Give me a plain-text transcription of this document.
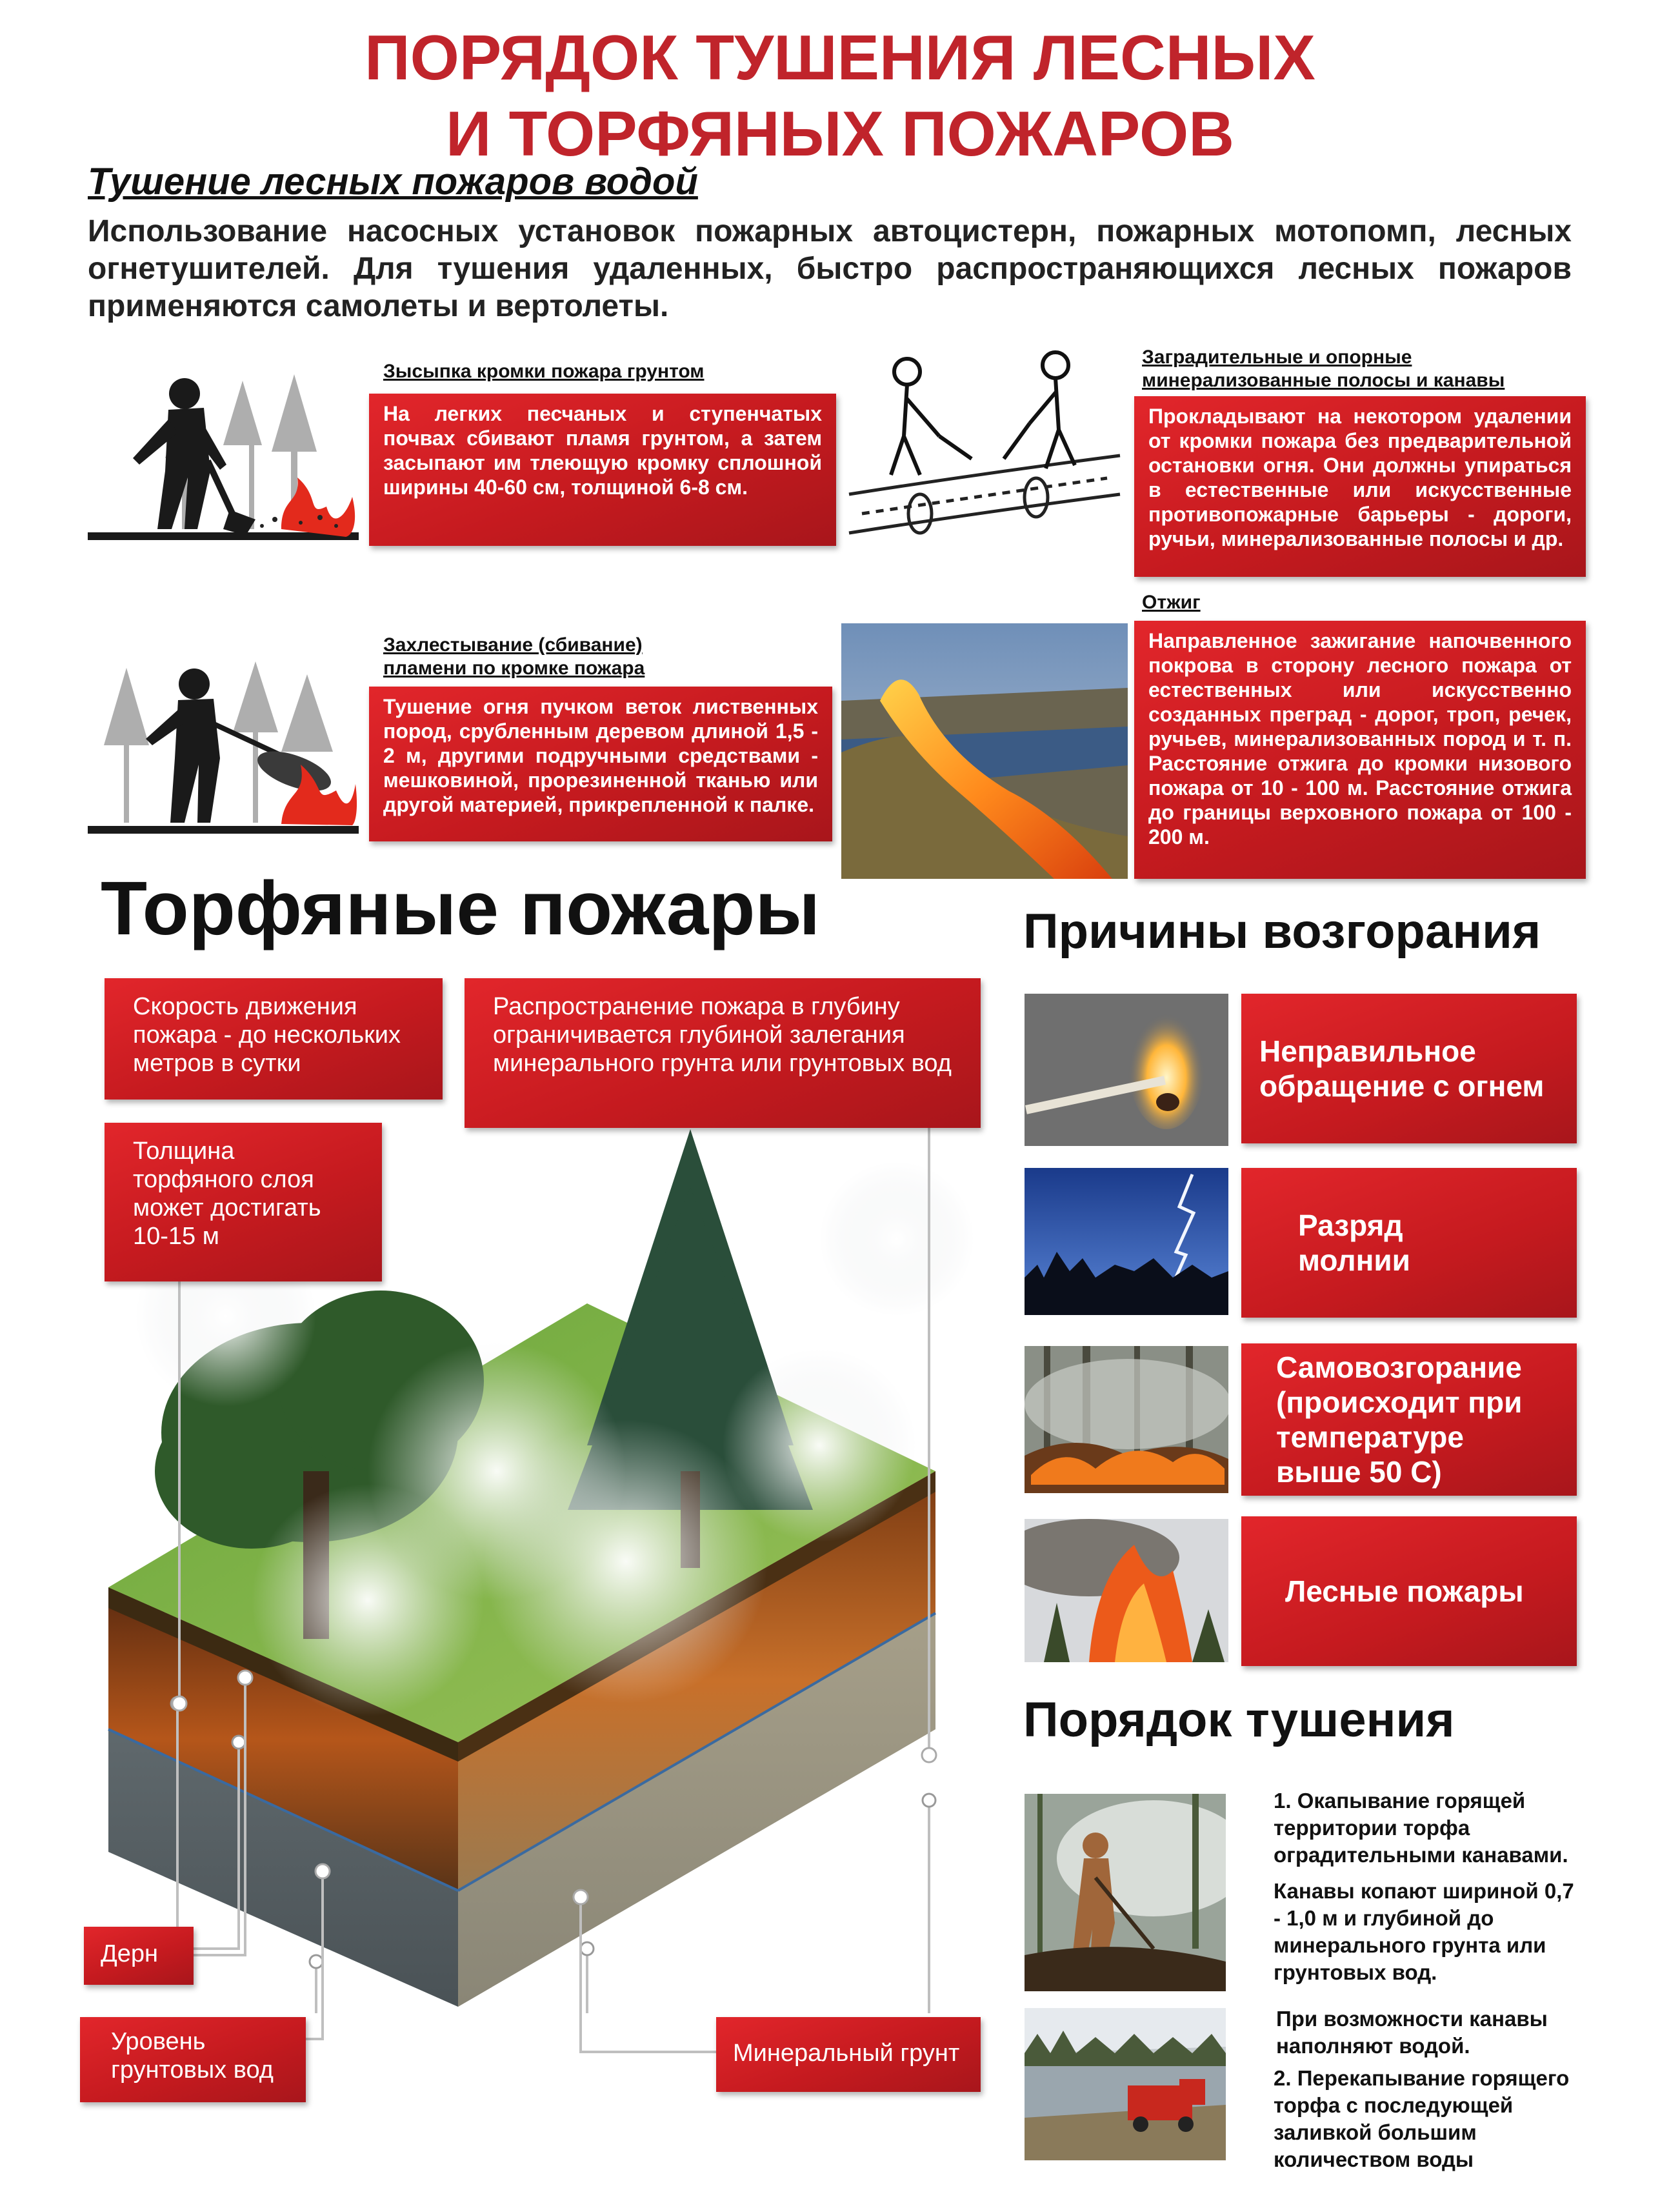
ПОРЯДОК ТУШЕНИЯ ЛЕСНЫХ
И ТОРФЯНЫХ ПОЖАРОВ
Тушение лесных пожаров водой
Использование насосных установок пожарных автоцистерн, пожарных мотопомп, лесных огнетушителей. Для тушения удаленных, быстро распространяющихся лесных пожаров применяются самолеты и вертолеты.
Зысыпка кромки пожара грунтом
На легких песчаных и ступенчатых почвах сбивают пламя грунтом, а затем засыпают им тлеющую кромку сплошной ширины 40-60 см, толщиной 6-8 см.
Заградительные и опорные
минерализованные полосы и канавы
Прокладывают на некотором удалении от кромки пожара без предварительной остановки огня. Они должны упираться в естественные или искусственные противопожарные барьеры - дороги, ручьи, минерализованные полосы и др.
Захлестывание (сбивание)
пламени по кромке пожара
Тушение огня пучком веток лиственных пород, срубленным деревом длиной 1,5 - 2 м, другими подручными средствами - мешковиной, прорезиненной тканью или другой материей, прикрепленной к палке.
Отжиг
Направленное зажигание напочвенного покрова в сторону лесного пожара от естественных или искусственно созданных преград - дорог, троп, речек, ручьев, минерализованных пород и т. п. Расстояние отжига до кромки низового пожара от 10 - 100 м. Расстояние отжига до границы верховного пожара от 100 - 200 м.
Торфяные пожары
Скорость движения пожара - до нескольких метров в сутки
Распространение пожара в глубину ограничивается глубиной залегания минерального грунта или грунтовых вод
Толщина торфяного слоя может достигать 10-15 м
Дерн
Уровень грунтовых вод
Минеральный грунт
Причины возгорания
Неправильное обращение с огнем
Разряд молнии
Самовозгорание (происходит при температуре выше 50 С)
Лесные пожары
Порядок тушения
1. Окапывание горящей территории торфа оградительными канавами.
Канавы копают шириной 0,7 - 1,0 м и глубиной до минерального грунта или грунтовых вод.
При возможности канавы наполняют водой.
2. Перекапывание горящего торфа с последующей заливкой большим количеством воды
